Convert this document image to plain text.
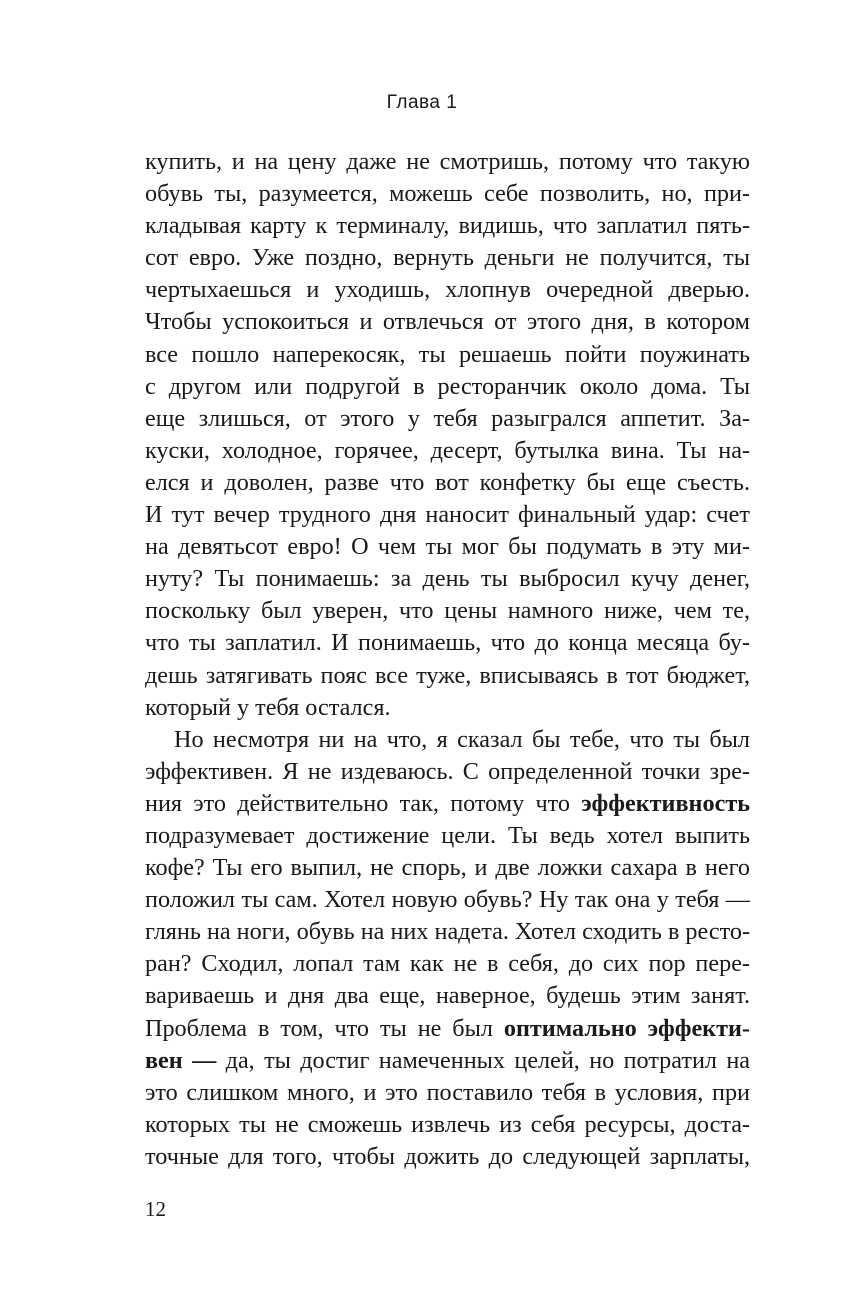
Глава 1
купить, и на цену даже не смотришь, потому что такую
обувь ты, разумеется, можешь себе позволить, но, при-
кладывая карту к терминалу, видишь, что заплатил пять-
сот евро. Уже поздно, вернуть деньги не получится, ты
чертыхаешься и уходишь, хлопнув очередной дверью.
Чтобы успокоиться и отвлечься от этого дня, в котором
все пошло наперекосяк, ты решаешь пойти поужинать
с другом или подругой в ресторанчик около дома. Ты
еще злишься, от этого у тебя разыгрался аппетит. За-
куски, холодное, горячее, десерт, бутылка вина. Ты на-
елся и доволен, разве что вот конфетку бы еще съесть.
И тут вечер трудного дня наносит финальный удар: счет
на девятьсот евро! О чем ты мог бы подумать в эту ми-
нуту? Ты понимаешь: за день ты выбросил кучу денег,
поскольку был уверен, что цены намного ниже, чем те,
что ты заплатил. И понимаешь, что до конца месяца бу-
дешь затягивать пояс все туже, вписываясь в тот бюджет,
который у тебя остался.
Но несмотря ни на что, я сказал бы тебе, что ты был
эффективен. Я не издеваюсь. С определенной точки зре-
ния это действительно так, потому что эффективность
подразумевает достижение цели. Ты ведь хотел выпить
кофе? Ты его выпил, не спорь, и две ложки сахара в него
положил ты сам. Хотел новую обувь? Ну так она у тебя —
глянь на ноги, обувь на них надета. Хотел сходить в ресто-
ран? Сходил, лопал там как не в себя, до сих пор пере-
вариваешь и дня два еще, наверное, будешь этим занят.
Проблема в том, что ты не был оптимально эффекти-
вен — да, ты достиг намеченных целей, но потратил на
это слишком много, и это поставило тебя в условия, при
которых ты не сможешь извлечь из себя ресурсы, доста-
точные для того, чтобы дожить до следующей зарплаты,
12
